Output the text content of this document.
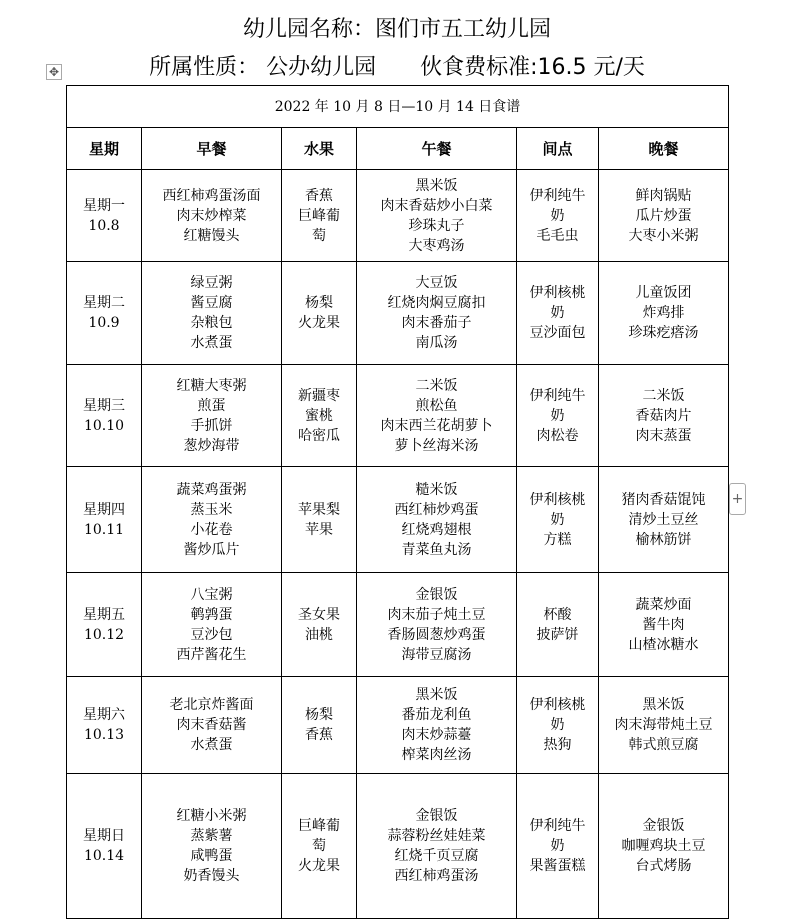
幼儿园名称：图们市五工幼儿园
所属性质： 公办幼儿园 伙食费标准:16.5 元/天
✥
+
2022 年 10 月 8 日—10 月 14 日食谱					
星期	早餐	水果	午餐	间点	晚餐

星期一
10.8	西红柿鸡蛋汤面
肉末炒榨菜
红糖馒头	香蕉
巨峰葡
萄	黑米饭
肉末香菇炒小白菜
珍珠丸子
大枣鸡汤	伊利纯牛
奶
毛毛虫	鲜肉锅贴
瓜片炒蛋
大枣小米粥

星期二
10.9	绿豆粥
酱豆腐
杂粮包
水煮蛋	杨梨
火龙果	大豆饭
红烧肉焖豆腐扣
肉末番茄子
南瓜汤	伊利核桃
奶
豆沙面包	儿童饭团
炸鸡排
珍珠疙瘩汤

星期三
10.10	红糖大枣粥
煎蛋
手抓饼
葱炒海带	新疆枣
蜜桃
哈密瓜	二米饭
煎松鱼
肉末西兰花胡萝卜
萝卜丝海米汤	伊利纯牛
奶
肉松卷	二米饭
香菇肉片
肉末蒸蛋

星期四
10.11	蔬菜鸡蛋粥
蒸玉米
小花卷
酱炒瓜片	苹果梨
苹果	糙米饭
西红柿炒鸡蛋
红烧鸡翅根
青菜鱼丸汤	伊利核桃
奶
方糕	猪肉香菇馄饨
清炒土豆丝
榆林筋饼

星期五
10.12	八宝粥
鹌鹑蛋
豆沙包
西芹酱花生	圣女果
油桃	金银饭
肉末茄子炖土豆
香肠圆葱炒鸡蛋
海带豆腐汤	杯酸
披萨饼	蔬菜炒面
酱牛肉
山楂冰糖水

星期六
10.13	老北京炸酱面
肉末香菇酱
水煮蛋	杨梨
香蕉	黑米饭
番茄龙利鱼
肉末炒蒜薹
榨菜肉丝汤	伊利核桃
奶
热狗	黑米饭
肉末海带炖土豆
韩式煎豆腐

星期日
10.14	红糖小米粥
蒸紫薯
咸鸭蛋
奶香馒头	巨峰葡
萄
火龙果	金银饭
蒜蓉粉丝娃娃菜
红烧千页豆腐
西红柿鸡蛋汤	伊利纯牛
奶
果酱蛋糕	金银饭
咖喱鸡块土豆
台式烤肠
